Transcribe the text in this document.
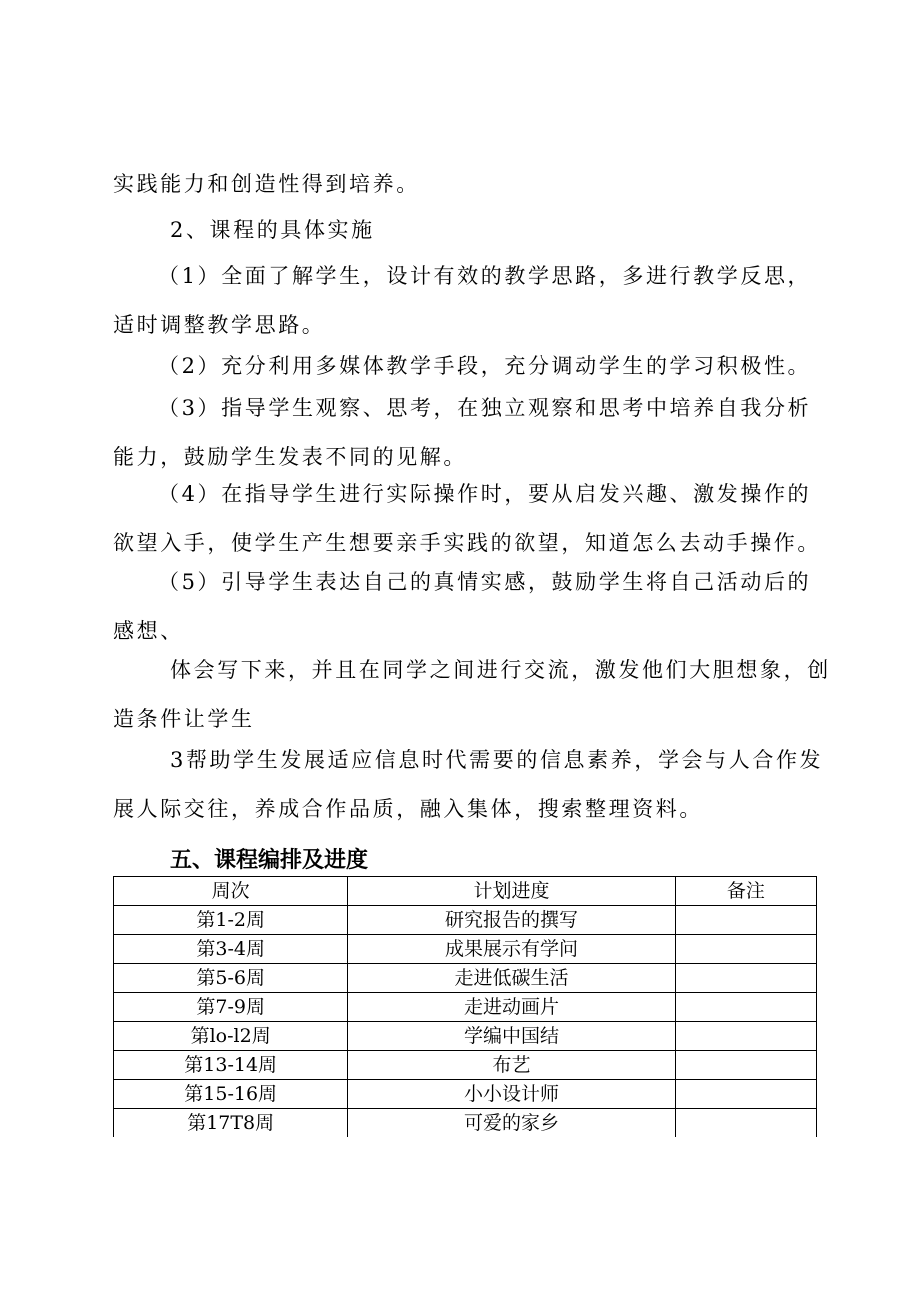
实践能力和创造性得到培养。

2、课程的具体实施

（1）全面了解学生，设计有效的教学思路，多进行教学反思，
适时调整教学思路。

（2）充分利用多媒体教学手段，充分调动学生的学习积极性。

（3）指导学生观察、思考，在独立观察和思考中培养自我分析
能力，鼓励学生发表不同的见解。

（4）在指导学生进行实际操作时，要从启发兴趣、激发操作的
欲望入手，使学生产生想要亲手实践的欲望，知道怎么去动手操作。

（5）引导学生表达自己的真情实感，鼓励学生将自己活动后的
感想、

体会写下来，并且在同学之间进行交流，激发他们大胆想象，创
造条件让学生

3帮助学生发展适应信息时代需要的信息素养，学会与人合作发
展人际交往，养成合作品质，融入集体，搜索整理资料。

五、课程编排及进度
周次	计划进度	备注
第1-2周	研究报告的撰写	
第3-4周	成果展示有学问	
第5-6周	走进低碳生活	
第7-9周	走进动画片	
第lo-l2周	学编中国结	
第13-14周	布艺	
第15-16周	小小设计师	
第17T8周	可爱的家乡	
